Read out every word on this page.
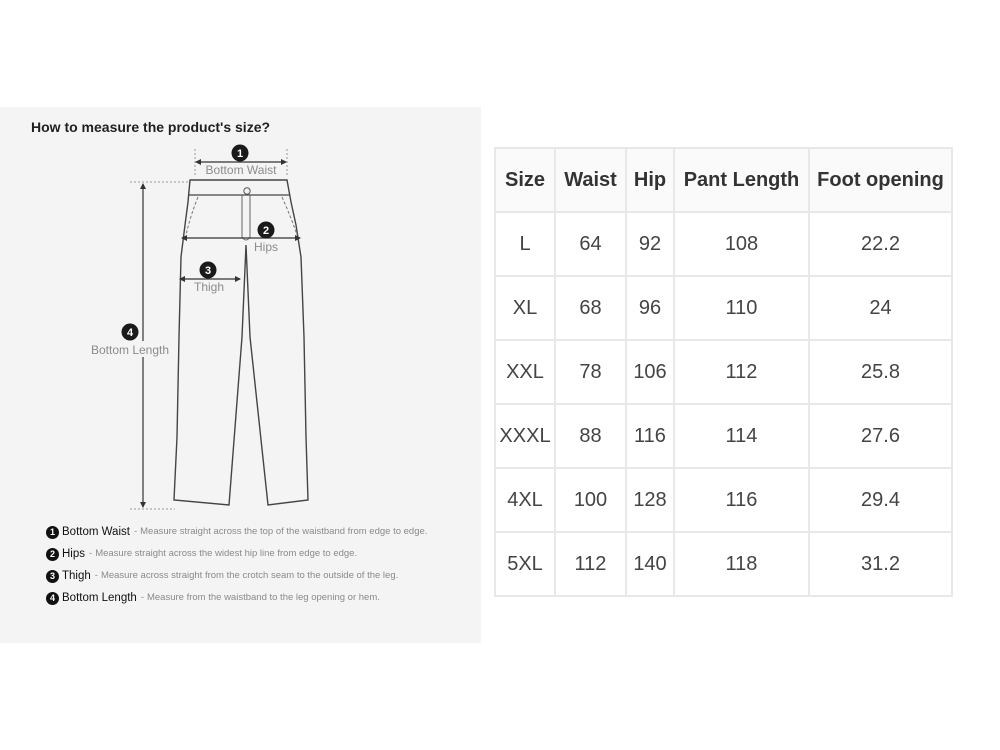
How to measure the product's size?
1
Bottom Waist
2
Hips
3
Thigh
4
Bottom Length
1 Bottom Waist - Measure straight across the top of the waistband from edge to edge.
2 Hips - Measure straight across the widest hip line from edge to edge.
3 Thigh - Measure across straight from the crotch seam to the outside of the leg.
4 Bottom Length - Measure from the waistband to the leg opening or hem.
Size	Waist	Hip	Pant Length	Foot opening
L	64	92	108	22.2
XL	68	96	110	24
XXL	78	106	112	25.8
XXXL	88	116	114	27.6
4XL	100	128	116	29.4
5XL	112	140	118	31.2
